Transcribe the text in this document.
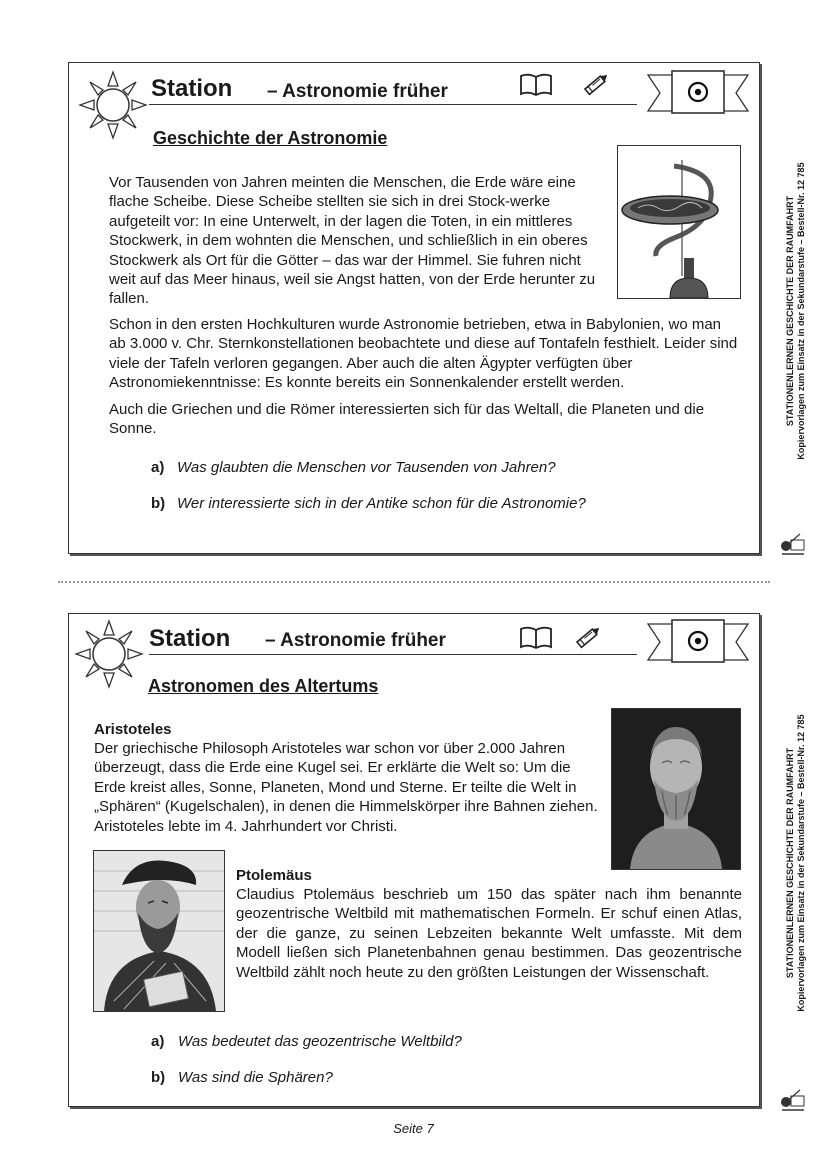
Station – Astronomie früher
Geschichte der Astronomie

Vor Tausenden von Jahren meinten die Menschen, die Erde wäre eine flache Scheibe. Diese Scheibe stellten sie sich in drei Stock-werke aufgeteilt vor: In eine Unterwelt, in der lagen die Toten, in ein mittleres Stockwerk, in dem wohnten die Menschen, und schließlich in ein oberes Stockwerk als Ort für die Götter – das war der Himmel. Sie fuhren nicht weit auf das Meer hinaus, weil sie Angst hatten, von der Erde herunter zu fallen.

Schon in den ersten Hochkulturen wurde Astronomie betrieben, etwa in Babylonien, wo man ab 3.000 v. Chr. Sternkonstellationen beobachtete und diese auf Tontafeln festhielt. Leider sind viele der Tafeln verloren gegangen. Aber auch die alten Ägypter verfügten über Astronomiekenntnisse: Es konnte bereits ein Sonnenkalender erstellt werden.

Auch die Griechen und die Römer interessierten sich für das Weltall, die Planeten und die Sonne.

a) Was glaubten die Menschen vor Tausenden von Jahren?
b) Wer interessierte sich in der Antike schon für die Astronomie?
Station – Astronomie früher
Astronomen des Altertums
Aristoteles

Der griechische Philosoph Aristoteles war schon vor über 2.000 Jahren überzeugt, dass die Erde eine Kugel sei. Er erklärte die Welt so: Um die Erde kreist alles, Sonne, Planeten, Mond und Sterne. Er teilte die Welt in „Sphären“ (Kugelschalen), in denen die Himmelskörper ihre Bahnen ziehen. Aristoteles lebte im 4. Jahrhundert vor Christi.

Ptolemäus

Claudius Ptolemäus beschrieb um 150 das später nach ihm benannte geozentrische Weltbild mit mathematischen Formeln. Er schuf einen Atlas, der die ganze, zu seinen Lebzeiten bekannte Welt umfasste. Mit dem Modell ließen sich Planetenbahnen genau bestimmen. Das geozentrische Weltbild zählt noch heute zu den größten Leistungen der Wissenschaft.

a) Was bedeutet das geozentrische Weltbild?
b) Was sind die Sphären?
STATIONENLERNEN GESCHICHTE DER RAUMFAHRT Kopiervorlagen zum Einsatz in der Sekundarstufe – Bestell-Nr. 12 785
STATIONENLERNEN GESCHICHTE DER RAUMFAHRT Kopiervorlagen zum Einsatz in der Sekundarstufe – Bestell-Nr. 12 785
Seite 7
